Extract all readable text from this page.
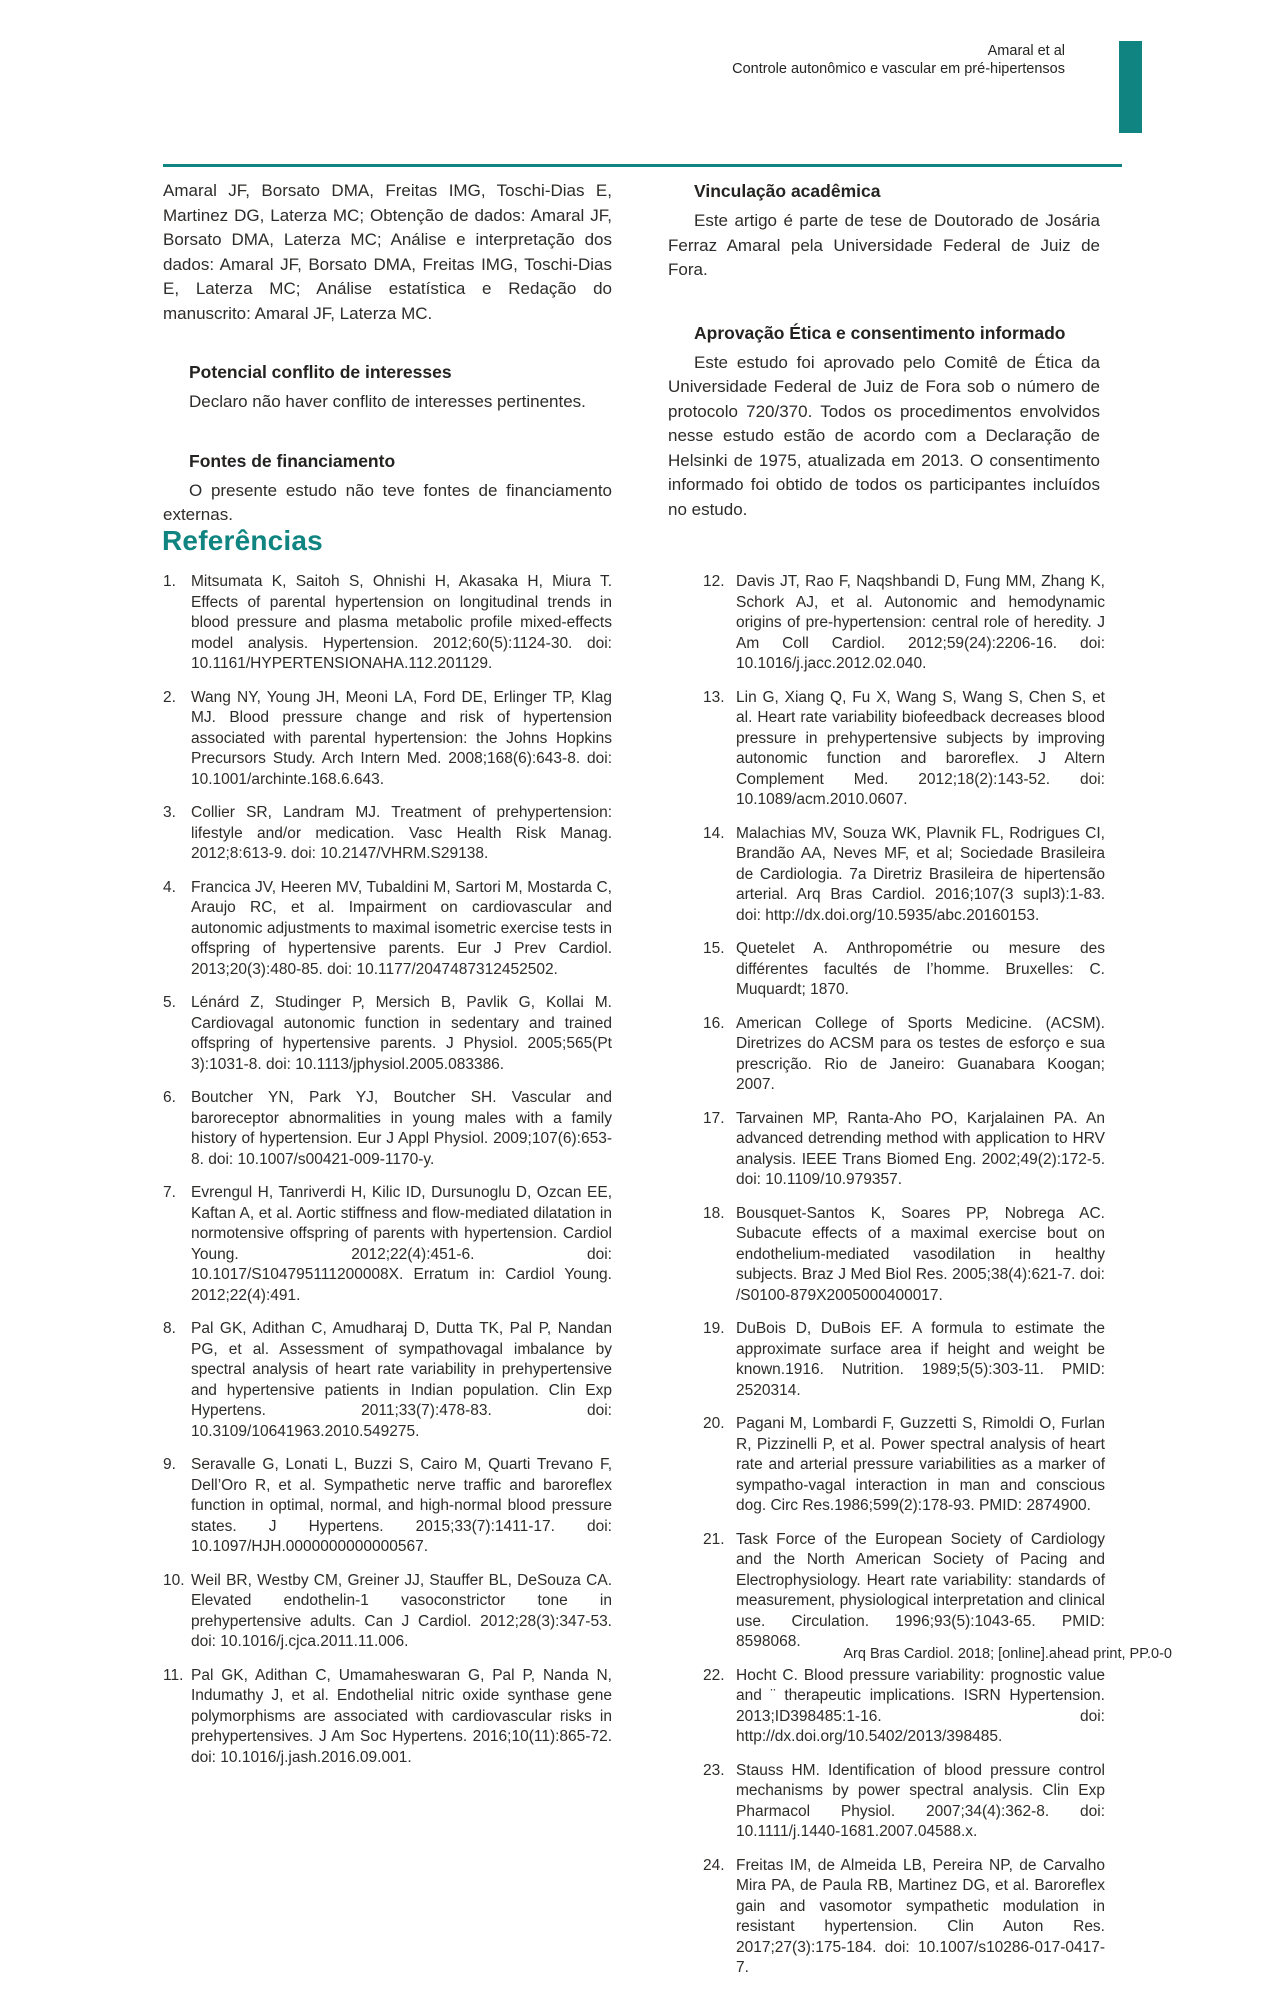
Amaral et al
Controle autonômico e vascular em pré-hipertensos

Amaral JF, Borsato DMA, Freitas IMG, Toschi-Dias E, Martinez DG, Laterza MC; Obtenção de dados: Amaral JF, Borsato DMA, Laterza MC; Análise e interpretação dos dados: Amaral JF, Borsato DMA, Freitas IMG, Toschi-Dias E, Laterza MC; Análise estatística e Redação do manuscrito: Amaral JF, Laterza MC.

Potencial conflito de interesses

Declaro não haver conflito de interesses pertinentes.

Fontes de financiamento

O presente estudo não teve fontes de financiamento externas.

Vinculação acadêmica

Este artigo é parte de tese de Doutorado de Josária Ferraz Amaral pela Universidade Federal de Juiz de Fora.

Aprovação Ética e consentimento informado

Este estudo foi aprovado pelo Comitê de Ética da Universidade Federal de Juiz de Fora sob o número de protocolo 720/370. Todos os procedimentos envolvidos nesse estudo estão de acordo com a Declaração de Helsinki de 1975, atualizada em 2013. O consentimento informado foi obtido de todos os participantes incluídos no estudo.

Referências
1. Mitsumata K, Saitoh S, Ohnishi H, Akasaka H, Miura T. Effects of parental hypertension on longitudinal trends in blood pressure and plasma metabolic profile mixed-effects model analysis. Hypertension. 2012;60(5):1124-30. doi: 10.1161/HYPERTENSIONAHA.112.201129.
2. Wang NY, Young JH, Meoni LA, Ford DE, Erlinger TP, Klag MJ. Blood pressure change and risk of hypertension associated with parental hypertension: the Johns Hopkins Precursors Study. Arch Intern Med. 2008;168(6):643-8. doi: 10.1001/archinte.168.6.643.
3. Collier SR, Landram MJ. Treatment of prehypertension: lifestyle and/or medication. Vasc Health Risk Manag. 2012;8:613-9. doi: 10.2147/VHRM.S29138.
4. Francica JV, Heeren MV, Tubaldini M, Sartori M, Mostarda C, Araujo RC, et al. Impairment on cardiovascular and autonomic adjustments to maximal isometric exercise tests in offspring of hypertensive parents. Eur J Prev Cardiol. 2013;20(3):480-85. doi: 10.1177/2047487312452502.
5. Lénárd Z, Studinger P, Mersich B, Pavlik G, Kollai M. Cardiovagal autonomic function in sedentary and trained offspring of hypertensive parents. J Physiol. 2005;565(Pt 3):1031-8. doi: 10.1113/jphysiol.2005.083386.
6. Boutcher YN, Park YJ, Boutcher SH. Vascular and baroreceptor abnormalities in young males with a family history of hypertension. Eur J Appl Physiol. 2009;107(6):653-8. doi: 10.1007/s00421-009-1170-y.
7. Evrengul H, Tanriverdi H, Kilic ID, Dursunoglu D, Ozcan EE, Kaftan A, et al. Aortic stiffness and flow-mediated dilatation in normotensive offspring of parents with hypertension. Cardiol Young. 2012;22(4):451-6. doi: 10.1017/S104795111200008X. Erratum in: Cardiol Young. 2012;22(4):491.
8. Pal GK, Adithan C, Amudharaj D, Dutta TK, Pal P, Nandan PG, et al. Assessment of sympathovagal imbalance by spectral analysis of heart rate variability in prehypertensive and hypertensive patients in Indian population. Clin Exp Hypertens. 2011;33(7):478-83. doi: 10.3109/10641963.2010.549275.
9. Seravalle G, Lonati L, Buzzi S, Cairo M, Quarti Trevano F, Dell’Oro R, et al. Sympathetic nerve traffic and baroreflex function in optimal, normal, and high-normal blood pressure states. J Hypertens. 2015;33(7):1411-17. doi: 10.1097/HJH.0000000000000567.
10. Weil BR, Westby CM, Greiner JJ, Stauffer BL, DeSouza CA. Elevated endothelin-1 vasoconstrictor tone in prehypertensive adults. Can J Cardiol. 2012;28(3):347-53. doi: 10.1016/j.cjca.2011.11.006.
11. Pal GK, Adithan C, Umamaheswaran G, Pal P, Nanda N, Indumathy J, et al. Endothelial nitric oxide synthase gene polymorphisms are associated with cardiovascular risks in prehypertensives. J Am Soc Hypertens. 2016;10(11):865-72. doi: 10.1016/j.jash.2016.09.001.
12. Davis JT, Rao F, Naqshbandi D, Fung MM, Zhang K, Schork AJ, et al. Autonomic and hemodynamic origins of pre-hypertension: central role of heredity. J Am Coll Cardiol. 2012;59(24):2206-16. doi: 10.1016/j.jacc.2012.02.040.
13. Lin G, Xiang Q, Fu X, Wang S, Wang S, Chen S, et al. Heart rate variability biofeedback decreases blood pressure in prehypertensive subjects by improving autonomic function and baroreflex. J Altern Complement Med. 2012;18(2):143-52. doi: 10.1089/acm.2010.0607.
14. Malachias MV, Souza WK, Plavnik FL, Rodrigues CI, Brandão AA, Neves MF, et al; Sociedade Brasileira de Cardiologia. 7a Diretriz Brasileira de hipertensão arterial. Arq Bras Cardiol. 2016;107(3 supl3):1-83. doi: http://dx.doi.org/10.5935/abc.20160153.
15. Quetelet A. Anthropométrie ou mesure des différentes facultés de l’homme. Bruxelles: C. Muquardt; 1870.
16. American College of Sports Medicine. (ACSM). Diretrizes do ACSM para os testes de esforço e sua prescrição. Rio de Janeiro: Guanabara Koogan; 2007.
17. Tarvainen MP, Ranta-Aho PO, Karjalainen PA. An advanced detrending method with application to HRV analysis. IEEE Trans Biomed Eng. 2002;49(2):172-5. doi: 10.1109/10.979357.
18. Bousquet-Santos K, Soares PP, Nobrega AC. Subacute effects of a maximal exercise bout on endothelium-mediated vasodilation in healthy subjects. Braz J Med Biol Res. 2005;38(4):621-7. doi: /S0100-879X2005000400017.
19. DuBois D, DuBois EF. A formula to estimate the approximate surface area if height and weight be known.1916. Nutrition. 1989;5(5):303-11. PMID: 2520314.
20. Pagani M, Lombardi F, Guzzetti S, Rimoldi O, Furlan R, Pizzinelli P, et al. Power spectral analysis of heart rate and arterial pressure variabilities as a marker of sympatho-vagal interaction in man and conscious dog. Circ Res.1986;599(2):178-93. PMID: 2874900.
21. Task Force of the European Society of Cardiology and the North American Society of Pacing and Electrophysiology. Heart rate variability: standards of measurement, physiological interpretation and clinical use. Circulation. 1996;93(5):1043-65. PMID: 8598068.
22. Hocht C. Blood pressure variability: prognostic value and ¨ therapeutic implications. ISRN Hypertension. 2013;ID398485:1-16. doi: http://dx.doi.org/10.5402/2013/398485.
23. Stauss HM. Identification of blood pressure control mechanisms by power spectral analysis. Clin Exp Pharmacol Physiol. 2007;34(4):362-8. doi: 10.1111/j.1440-1681.2007.04588.x.
24. Freitas IM, de Almeida LB, Pereira NP, de Carvalho Mira PA, de Paula RB, Martinez DG, et al. Baroreflex gain and vasomotor sympathetic modulation in resistant hypertension. Clin Auton Res. 2017;27(3):175-184. doi: 10.1007/s10286-017-0417-7.
Arq Bras Cardiol. 2018; [online].ahead print, PP.0-0
